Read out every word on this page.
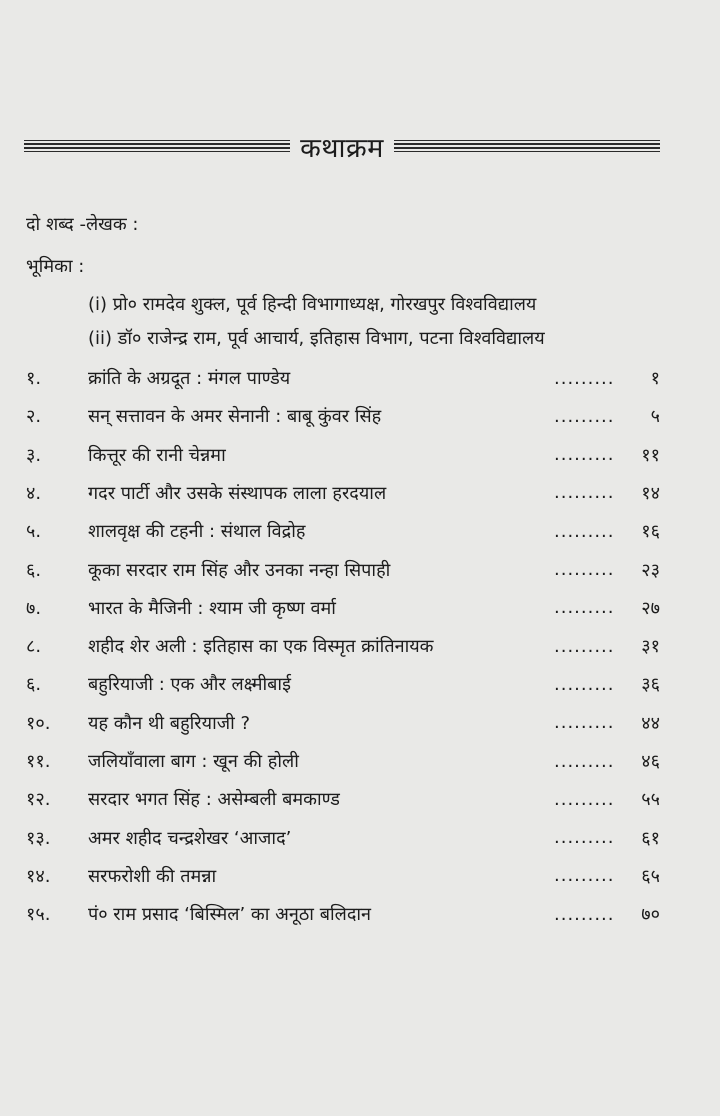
कथाक्रम
दो शब्द -लेखक :
भूमिका :
(i) प्रो० रामदेव शुक्ल, पूर्व हिन्दी विभागाध्यक्ष, गोरखपुर विश्वविद्यालय
(ii) डॉ० राजेन्द्र राम, पूर्व आचार्य, इतिहास विभाग, पटना विश्वविद्यालय
१.	क्रांति के अग्रदूत : मंगल पाण्डेय	.........	१
२.	सन् सत्तावन के अमर सेनानी : बाबू कुंवर सिंह	.........	५
३.	कित्तूर की रानी चेन्नमा	.........	११
४.	गदर पार्टी और उसके संस्थापक लाला हरदयाल	.........	१४
५.	शालवृक्ष की टहनी : संथाल विद्रोह	.........	१६
६.	कूका सरदार राम सिंह और उनका नन्हा सिपाही	.........	२३
७.	भारत के मैजिनी : श्याम जी कृष्ण वर्मा	.........	२७
८.	शहीद शेर अली : इतिहास का एक विस्मृत क्रांतिनायक	.........	३१
६.	बहुरियाजी : एक और लक्ष्मीबाई	.........	३६
१०.	यह कौन थी बहुरियाजी ?	.........	४४
११.	जलियाँवाला बाग : खून की होली	.........	४६
१२.	सरदार भगत सिंह : असेम्बली बमकाण्ड	.........	५५
१३.	अमर शहीद चन्द्रशेखर ‘आजाद’	.........	६१
१४.	सरफरोशी की तमन्ना	.........	६५
१५.	पं० राम प्रसाद ‘बिस्मिल’ का अनूठा बलिदान	.........	७०
